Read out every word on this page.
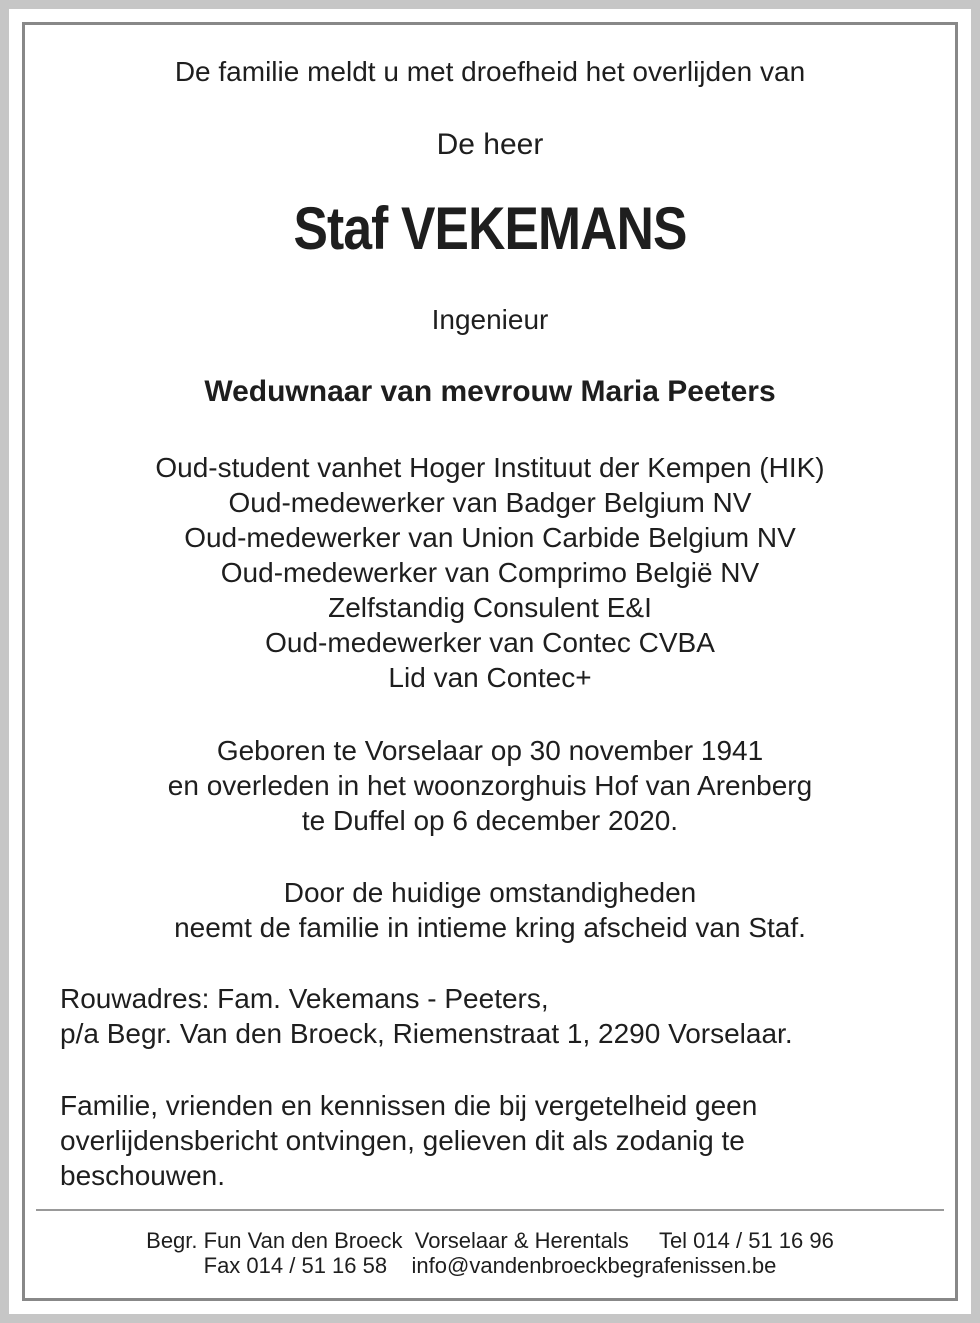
De familie meldt u met droefheid het overlijden van

De heer

Staf VEKEMANS

Ingenieur

Weduwnaar van mevrouw Maria Peeters

Oud-student vanhet Hoger Instituut der Kempen (HIK)

Oud-medewerker van Badger Belgium NV

Oud-medewerker van Union Carbide Belgium NV

Oud-medewerker van Comprimo België NV

Zelfstandig Consulent E&I

Oud-medewerker van Contec CVBA

Lid van Contec+

Geboren te Vorselaar op 30 november 1941

en overleden in het woonzorghuis Hof van Arenberg

te Duffel op 6 december 2020.

Door de huidige omstandigheden

neemt de familie in intieme kring afscheid van Staf.

Rouwadres: Fam. Vekemans - Peeters,

p/a Begr. Van den Broeck, Riemenstraat 1, 2290 Vorselaar.

Familie, vrienden en kennissen die bij vergetelheid geen

overlijdensbericht ontvingen, gelieven dit als zodanig te

beschouwen.

Begr. Fun Van den Broeck  Vorselaar & Herentals     Tel 014 / 51 16 96

Fax 014 / 51 16 58    info@vandenbroeckbegrafenissen.be
